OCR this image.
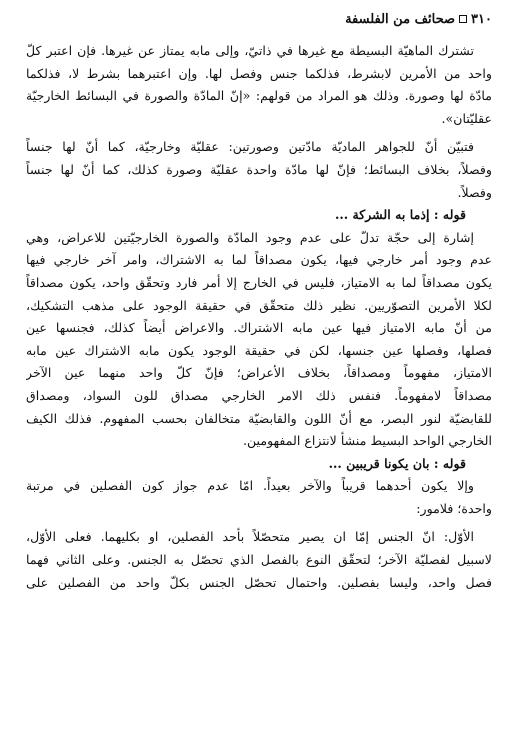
٣١٠
صحائف من الفلسفة

تشترك الماهيّة البسيطة مع غيرها في ذاتيّ، وإلى مابه يمتاز عن غيرها. فإن اعتبر كلّ
واحد من الأمرين لابشرط، فذلكما جنس وفصل لها. وإن اعتبرهما بشرط لا، فذلكما
مادّة لها وصورة. وذلك هو المراد من قولهم: «إنّ المادّة والصورة في البسائط الخارجيّة
عقليّتان».

فتبيّن أنّ للجواهر الماديّة مادّتين وصورتين: عقليّة وخارجيّة، كما أنّ لها جنساً
وفصلاً، بخلاف البسائط؛ فإنّ لها مادّة واحدة عقليّة وصورة كذلك، كما أنّ لها جنساً
وفصلاً.

قوله : إذما به الشركة ...

إشارة إلى حجّة تدلّ على عدم وجود المادّة والصورة الخارجيّتين للاعراض، وهي
عدم وجود أمر خارجي فيها، يكون مصداقاً لما به الاشتراك، وامر آخر خارجي فيها
يكون مصداقاً لما به الامتياز، فليس في الخارج إلا أمر فارد وتحقّق واحد، يكون مصداقاً
لكلا الأمرين التصوّريين. نظير ذلك متحقّق في حقيقة الوجود على مذهب التشكيك،
من أنّ مابه الامتياز فيها عين مابه الاشتراك. والاعراض أيضاً كذلك، فجنسها عين
فصلها، وفصلها عين جنسها، لكن في حقيقة الوجود يكون مابه الاشتراك عين مابه
الامتياز، مفهوماً ومصداقاً، بخلاف الأعراض؛ فإنّ كلّ واحد منهما عين الآخر
مصداقاً لامفهوماً. فنفس ذلك الامر الخارجي مصداق للون السواد، ومصداق
للقابضيّة لنور البصر، مع أنّ اللون والقابضيّة متخالفان بحسب المفهوم. فذلك الكيف
الخارجي الواحد البسيط منشأ لانتزاع المفهومين.

قوله : بان يكونا قريبين ...

وإلا يكون أحدهما قريباً والآخر بعيداً. امّا عدم جواز كون الفصلين في مرتبة
واحدة؛ فلامور:

الأوّل: انّ الجنس إمّا ان يصير متحصّلاً بأحد الفصلين، او بكليهما. فعلى الأوّل،
لاسبيل لفصليّة الآخر؛ لتحقّق النوع بالفصل الذي تحصّل به الجنس. وعلى الثاني فهما
فصل واحد، وليسا بفصلين. واحتمال تحصّل الجنس بكلّ واحد من الفصلين على
